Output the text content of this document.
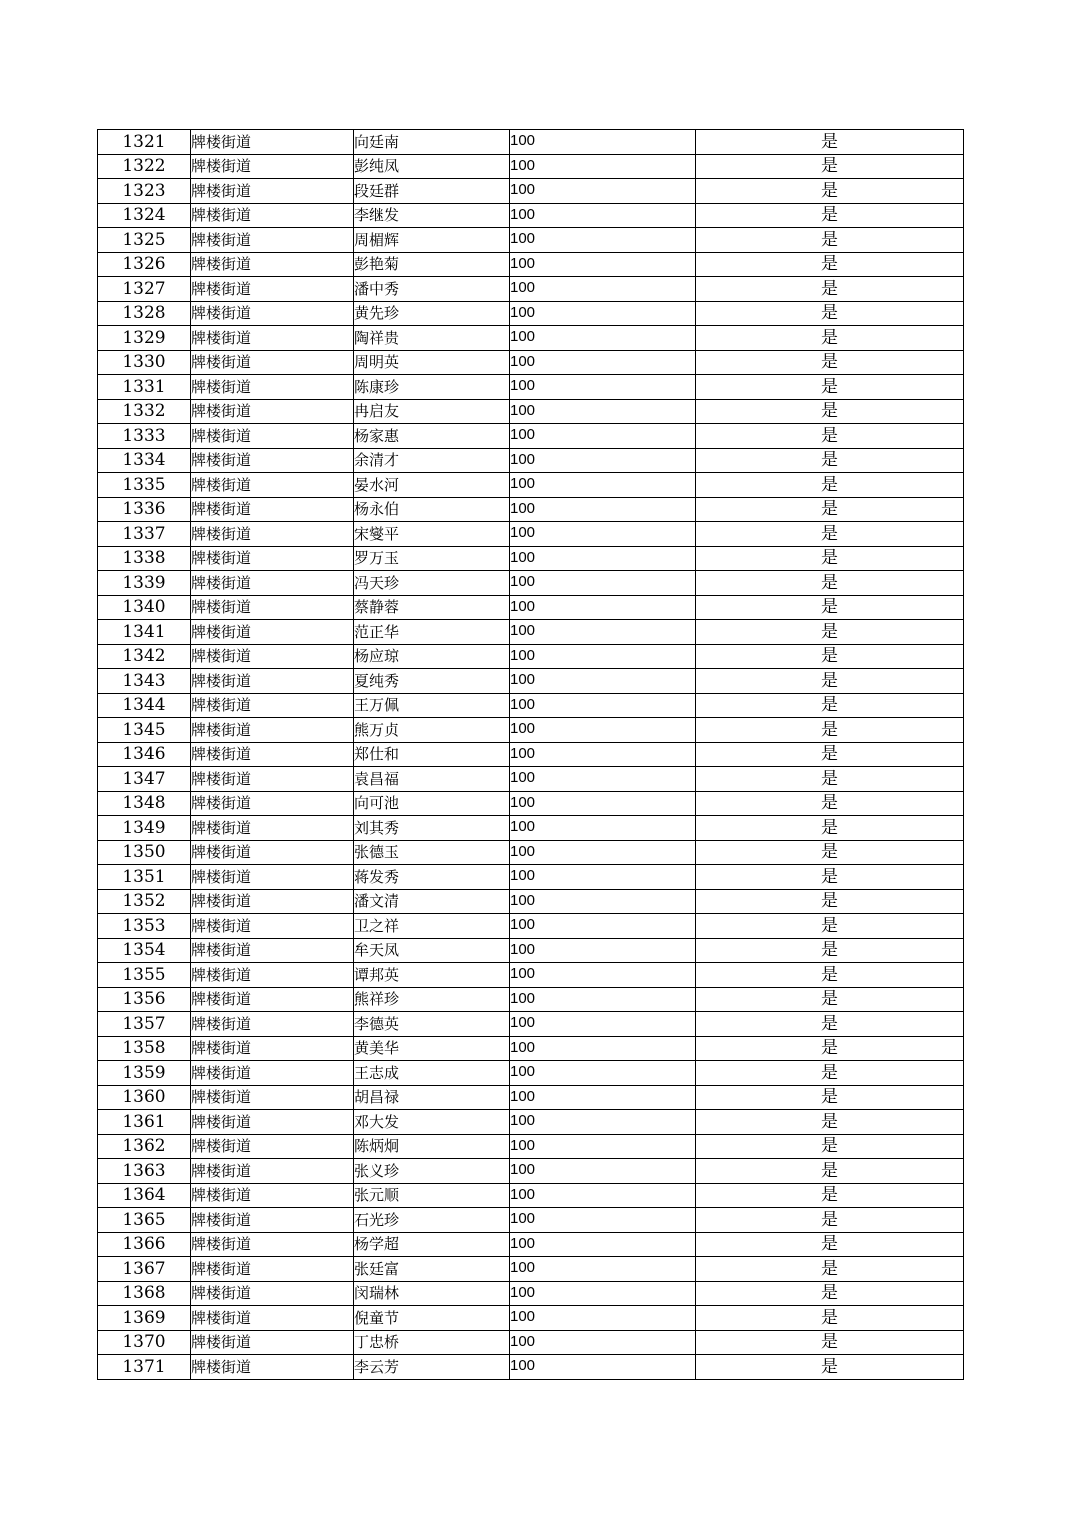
1321	牌楼街道	向廷南	100	是
1322	牌楼街道	彭纯凤	100	是
1323	牌楼街道	段廷群	100	是
1324	牌楼街道	李继发	100	是
1325	牌楼街道	周楣辉	100	是
1326	牌楼街道	彭艳菊	100	是
1327	牌楼街道	潘中秀	100	是
1328	牌楼街道	黄先珍	100	是
1329	牌楼街道	陶祥贵	100	是
1330	牌楼街道	周明英	100	是
1331	牌楼街道	陈康珍	100	是
1332	牌楼街道	冉启友	100	是
1333	牌楼街道	杨家惠	100	是
1334	牌楼街道	余清才	100	是
1335	牌楼街道	晏水河	100	是
1336	牌楼街道	杨永伯	100	是
1337	牌楼街道	宋燮平	100	是
1338	牌楼街道	罗万玉	100	是
1339	牌楼街道	冯天珍	100	是
1340	牌楼街道	蔡静蓉	100	是
1341	牌楼街道	范正华	100	是
1342	牌楼街道	杨应琼	100	是
1343	牌楼街道	夏纯秀	100	是
1344	牌楼街道	王万佩	100	是
1345	牌楼街道	熊万贞	100	是
1346	牌楼街道	郑仕和	100	是
1347	牌楼街道	袁昌福	100	是
1348	牌楼街道	向可池	100	是
1349	牌楼街道	刘其秀	100	是
1350	牌楼街道	张德玉	100	是
1351	牌楼街道	蒋发秀	100	是
1352	牌楼街道	潘文清	100	是
1353	牌楼街道	卫之祥	100	是
1354	牌楼街道	牟天凤	100	是
1355	牌楼街道	谭邦英	100	是
1356	牌楼街道	熊祥珍	100	是
1357	牌楼街道	李德英	100	是
1358	牌楼街道	黄美华	100	是
1359	牌楼街道	王志成	100	是
1360	牌楼街道	胡昌禄	100	是
1361	牌楼街道	邓大发	100	是
1362	牌楼街道	陈炳炯	100	是
1363	牌楼街道	张义珍	100	是
1364	牌楼街道	张元顺	100	是
1365	牌楼街道	石光珍	100	是
1366	牌楼街道	杨学超	100	是
1367	牌楼街道	张廷富	100	是
1368	牌楼街道	闵瑞林	100	是
1369	牌楼街道	倪童节	100	是
1370	牌楼街道	丁忠桥	100	是
1371	牌楼街道	李云芳	100	是
